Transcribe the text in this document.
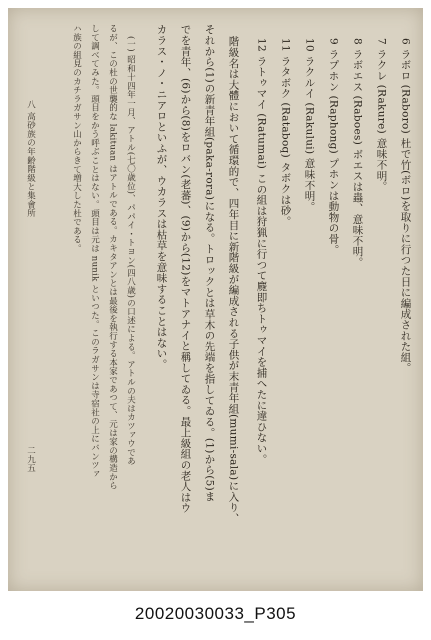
6 ラボロ (Raboro) 杜で竹(ボロ)を取りに行つた日に編成された組。
7 ラクレ (Rakure) 意味不明。
8 ラボエス (Raboes) ボエスは蟲、意味不明。
9 ラプホン (Raphong) プホンは動物の骨。
10 ラクルイ (Rakului) 意味不明。
11 ラタボク (Rataboq) タボクは砂。
12 ラトゥマイ (Ratumai) この組は狩猟に行つて麑即ちトゥマイを捕へたに違ひない。
階級名は大體において循環的で、四年目に新階級が編成される子供が末青年組(mumi-sala)に入り、
それから(1)の新青年組(paka-rora)になる。トロックとは草木の先端を指してゐる。(1)から(5)ま
でを青年、(6)から(8)をロバン(老蕃)、(9)から(12)をマトアナイと稱してゐる。最上級組の老人はウ
カラス・ノ・ニアロといふが、ウカラスは枯草を意味することはない。
(一) 昭和十四年一月、アトル(七〇歳位)、パパイ・トヨン(四八歳)の口述による。アトルの夫はカツァウであ
るが、この杜の世襲的な lakituan はアトルである。カキタアンとは最後を執行する本家であつて、元は家の構造から
して調べてみた。頭目をかう呼ぶことはない。頭目は元は nunik といつた。このラガサンは寺宿社の上にバンツァ
ハ族の組見のカチラガサン山からきて増大した杜である。
八 高砂族の年齢階級と集會所
二九五
20020030033_P305
